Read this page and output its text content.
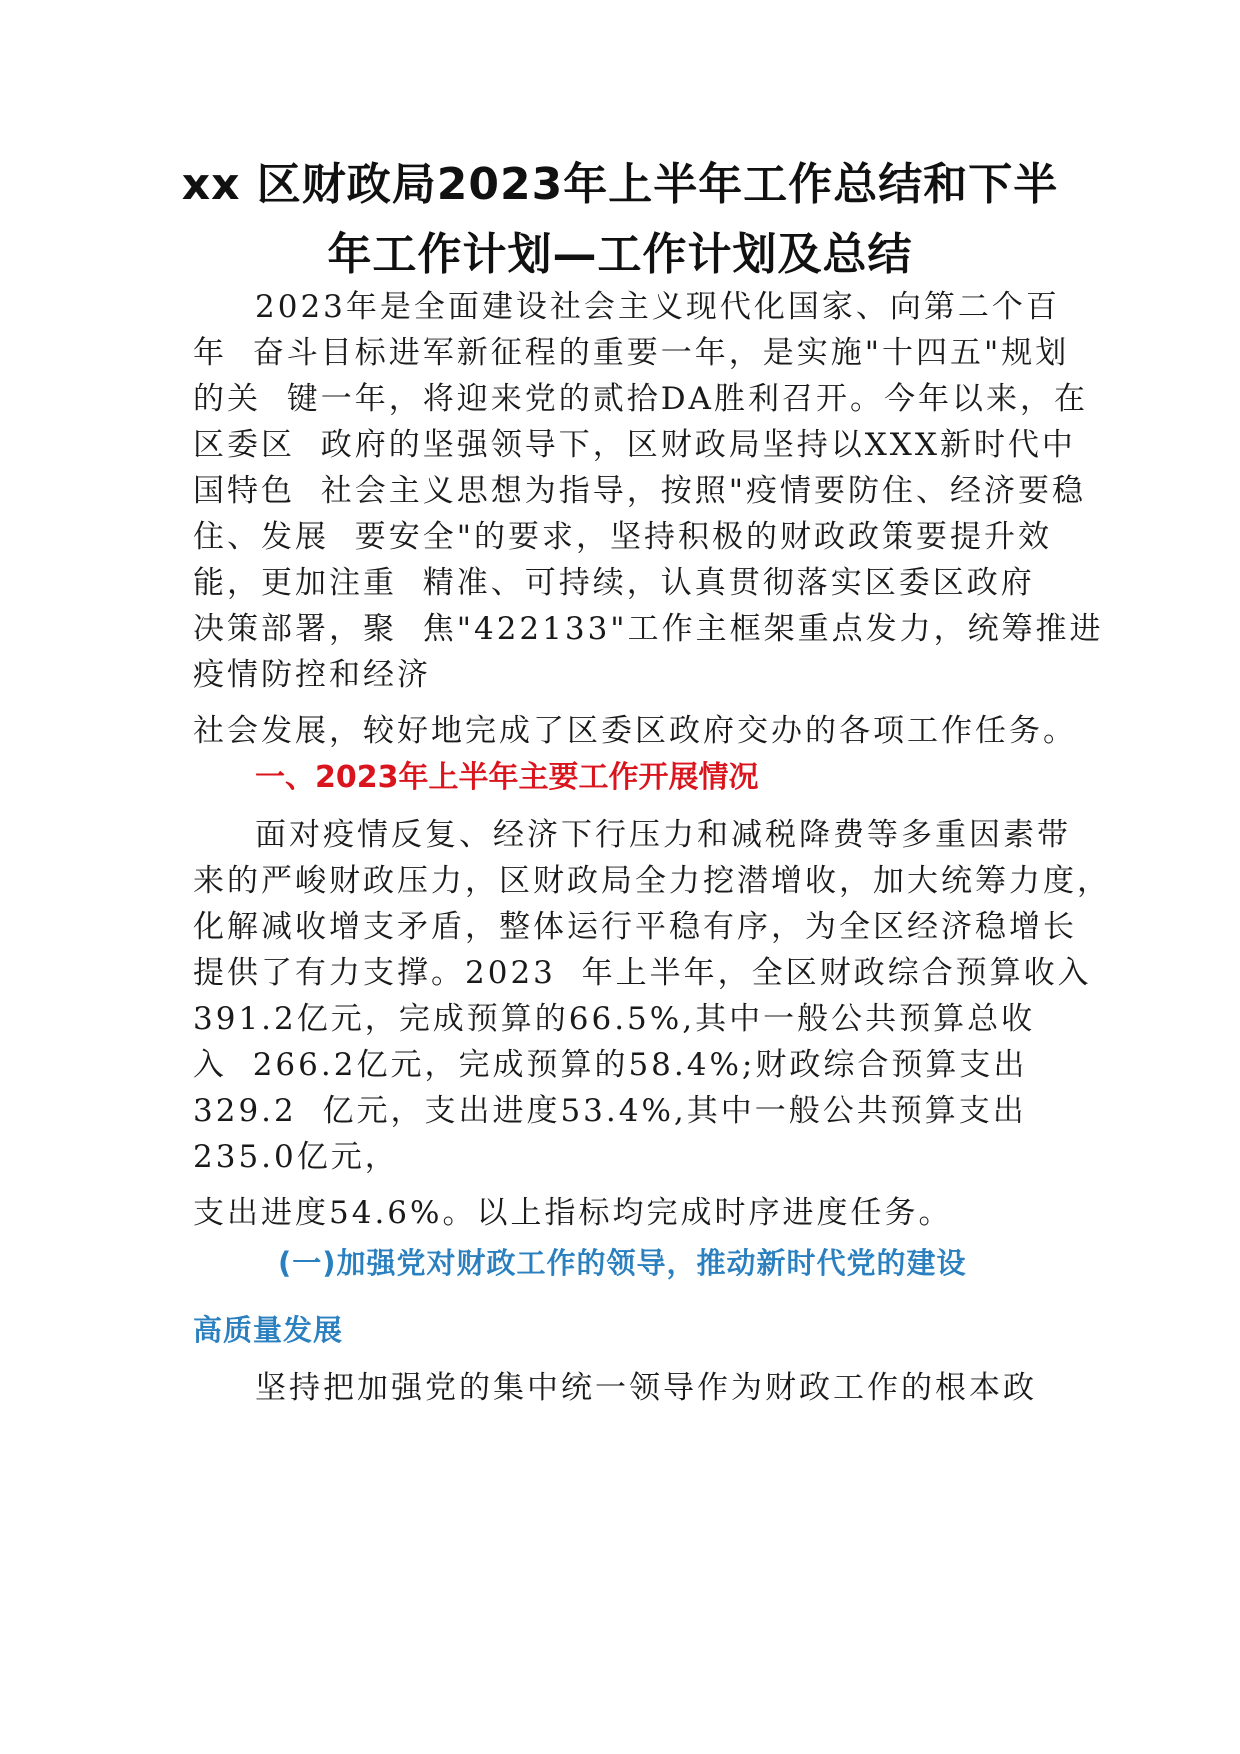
xx 区财政局2023年上半年工作总结和下半
年工作计划—工作计划及总结
2023年是全面建设社会主义现代化国家、向第二个百
年  奋斗目标进军新征程的重要一年，是实施"十四五"规划
的关  键一年，将迎来党的贰拾DA胜利召开。今年以来，在
区委区  政府的坚强领导下，区财政局坚持以XXX新时代中
国特色  社会主义思想为指导，按照"疫情要防住、经济要稳
住、发展  要安全"的要求，坚持积极的财政政策要提升效
能，更加注重  精准、可持续，认真贯彻落实区委区政府
决策部署，聚  焦"422133"工作主框架重点发力，统筹推进
疫情防控和经济
社会发展，较好地完成了区委区政府交办的各项工作任务。
一、2023年上半年主要工作开展情况
面对疫情反复、经济下行压力和减税降费等多重因素带
来的严峻财政压力，区财政局全力挖潜增收，加大统筹力度，
化解减收增支矛盾，整体运行平稳有序，为全区经济稳增长
提供了有力支撑。2023  年上半年，全区财政综合预算收入
391.2亿元，完成预算的66.5%,其中一般公共预算总收
入  266.2亿元，完成预算的58.4%;财政综合预算支出
329.2  亿元，支出进度53.4%,其中一般公共预算支出
235.0亿元，
支出进度54.6%。以上指标均完成时序进度任务。
(一)加强党对财政工作的领导，推动新时代党的建设
高质量发展
坚持把加强党的集中统一领导作为财政工作的根本政
